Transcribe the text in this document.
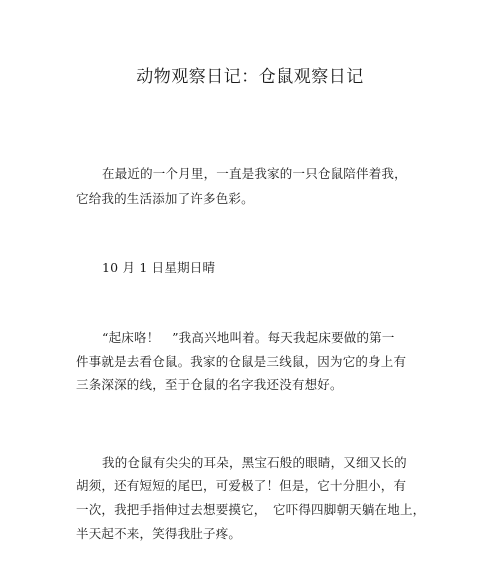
动物观察日记：仓鼠观察日记
在最近的一个月里，一直是我家的一只仓鼠陪伴着我，
它给我的生活添加了许多色彩。
10 月 1 日星期日晴
“起床咯！　”我高兴地叫着。每天我起床要做的第一
件事就是去看仓鼠。我家的仓鼠是三线鼠，因为它的身上有
三条深深的线，至于仓鼠的名字我还没有想好。
我的仓鼠有尖尖的耳朵，黑宝石般的眼睛，又细又长的
胡须，还有短短的尾巴，可爱极了！但是，它十分胆小，有
一次，我把手指伸过去想要摸它，　它吓得四脚朝天躺在地上，
半天起不来，笑得我肚子疼。
